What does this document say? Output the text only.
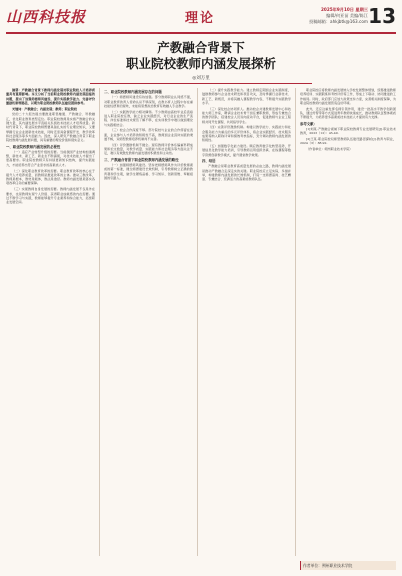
山西科技报	理论
2025年9月10日 星期三
编辑/何亚苗 美编/陈江
投稿邮箱：ahkjbtk@163.com 13
产教融合背景下
职业院校教师内涵发展探析
◎刘万里

摘要：产教融合背景下教师内涵发展对职业院校人才培养质量具有重要影响。本文分析了当前职业院校教师内涵发展面临的问题，提出了加强师德师风建设、提升实践教学能力、完善评价激励机制等路径，以期为职业院校教师队伍建设提供参考。

关键词：产教融合；内涵发展；教师；职业院校

党的二十大报告提出要推进职普融通、产教融合、科教融汇，优化职业教育类型定位。职业院校教师是实施产教融合的关键力量，其内涵发展水平直接关系到技术技能人才培养质量。新时代背景下，职业院校教师既要具备扎实的专业理论知识，又要掌握行业企业最新技术技能，同时还需具备课程开发、教学改革和社会服务等多方面能力。因此，深入研究产教融合背景下职业院校教师内涵发展问题，具有重要的理论价值和现实意义。

一、职业院校教师内涵发展的必要性

（一）适应产业转型升级的需要。当前我国产业结构加速调整，新技术、新工艺、新业态不断涌现，对技术技能人才提出了更高要求。职业院校教师只有持续更新知识结构，提升实践能力，才能培养出符合产业需求的高素质人才。

（二）深化职业教育改革的需要。职业教育改革的核心在于提升人才培养质量，而教师是推进改革的主体。推动三教改革，教师是根本，教材是载体，教法是途径。教师内涵发展是落实各项改革任务的重要保障。

（三）实现教师自身发展的需要。教师内涵发展不仅是外在要求，也是教师实现个人价值、获得职业成就感的内在需要。通过不断学习与实践，教师能够提升专业素养和综合能力，拓宽职业发展空间。

二、职业院校教师内涵发展存在的问题

（一）师德师风建设有待加强。部分教师职业认同感不强，对职业教育的育人使命认识不够深刻，在教书育人过程中存在重技能轻德育的现象，未能将思想政治教育有效融入专业教学。

（二）实践教学能力相对薄弱。不少教师由高校毕业后直接进入职业院校任教，缺乏企业实践经历，对行业企业的生产流程、岗位标准和技术规范了解不够，在实训教学中难以做到理论与实践相结合。

（三）校企合作深度不够。部分院校与企业的合作停留在表面，企业参与人才培养的积极性不高，教师到企业顶岗实践的渠道不畅，双师型教师培养机制尚不完善。

（四）评价激励机制不健全。现有教师评价体系偏重科研成果和论文数量，对教学质量、实践能力和社会服务等方面关注不足，难以有效激发教师内涵发展的积极性和主动性。

三、产教融合背景下职业院校教师内涵发展的路径

（一）加强师德师风建设。坚持把师德师风作为评价教师素质的第一标准，健全师德建设长效机制，引导教师树立正确的教育观和学生观，做学生锤炼品格、学习知识、创新思维、奉献祖国的引路人。

（二）提升实践教学能力。建立教师定期到企业实践制度，鼓励教师参与企业技术研发和项目攻关，及时掌握行业新技术、新工艺、新规范，并将其融入课程教学内容，不断提升实践教学水平。

（三）深化校企协同育人。推动校企共建教师发展中心和技能大师工作室，聘请企业技术骨干担任兼职教师，形成专兼结合的教学团队；搭建校企人员双向流动平台，促进教师与企业工程师共同开发课程、共同指导学生。

（四）完善评价激励机制。构建以教学能力、实践能力和社会服务能力为重点的多元评价体系，将企业实践经历、技术服务成果等纳入职称评审和绩效考核指标，充分调动教师内涵发展的积极性。

（五）加强数字化能力建设。顺应教育数字化转型趋势，开展信息化教学能力培训，引导教师运用虚拟仿真、在线课程等数字资源创新教学模式，提升课堂教学效果。

四、结语

产教融合是职业教育高质量发展的必由之路，教师内涵发展是推动产教融合走深走实的关键。职业院校应立足实际，多措并举，构建教师内涵发展的长效机制，打造一支师德高尚、技艺精湛、专兼结合、充满活力的高素质教师队伍。

职业院校应将教师内涵发展纳入学校发展整体规划，统筹推进教师培养培训、实践锻炼和考核评价等工作，形成上下联动、协同推进的工作格局。同时，政府部门应加大政策支持力度，完善相关制度保障，为职业院校教师内涵发展营造良好环境。

此外，还应注重发挥名师引领作用，建设一批高水平教学创新团队，通过传帮带等方式促进青年教师快速成长，推动教师队伍整体素质不断提升，为培养更多高素质技术技能人才提供有力支撑。

参考文献：

[1]刘某.产教融合视域下职业院校教师专业发展研究[J].职业技术教育，2023（12）：45-49.

[2]王某.职业院校双师型教师队伍建设路径探析[J].教育与职业，2024（3）：88-92.

（作者单位：朔州职业技术学院）

作者单位：朔州职业技术学院
